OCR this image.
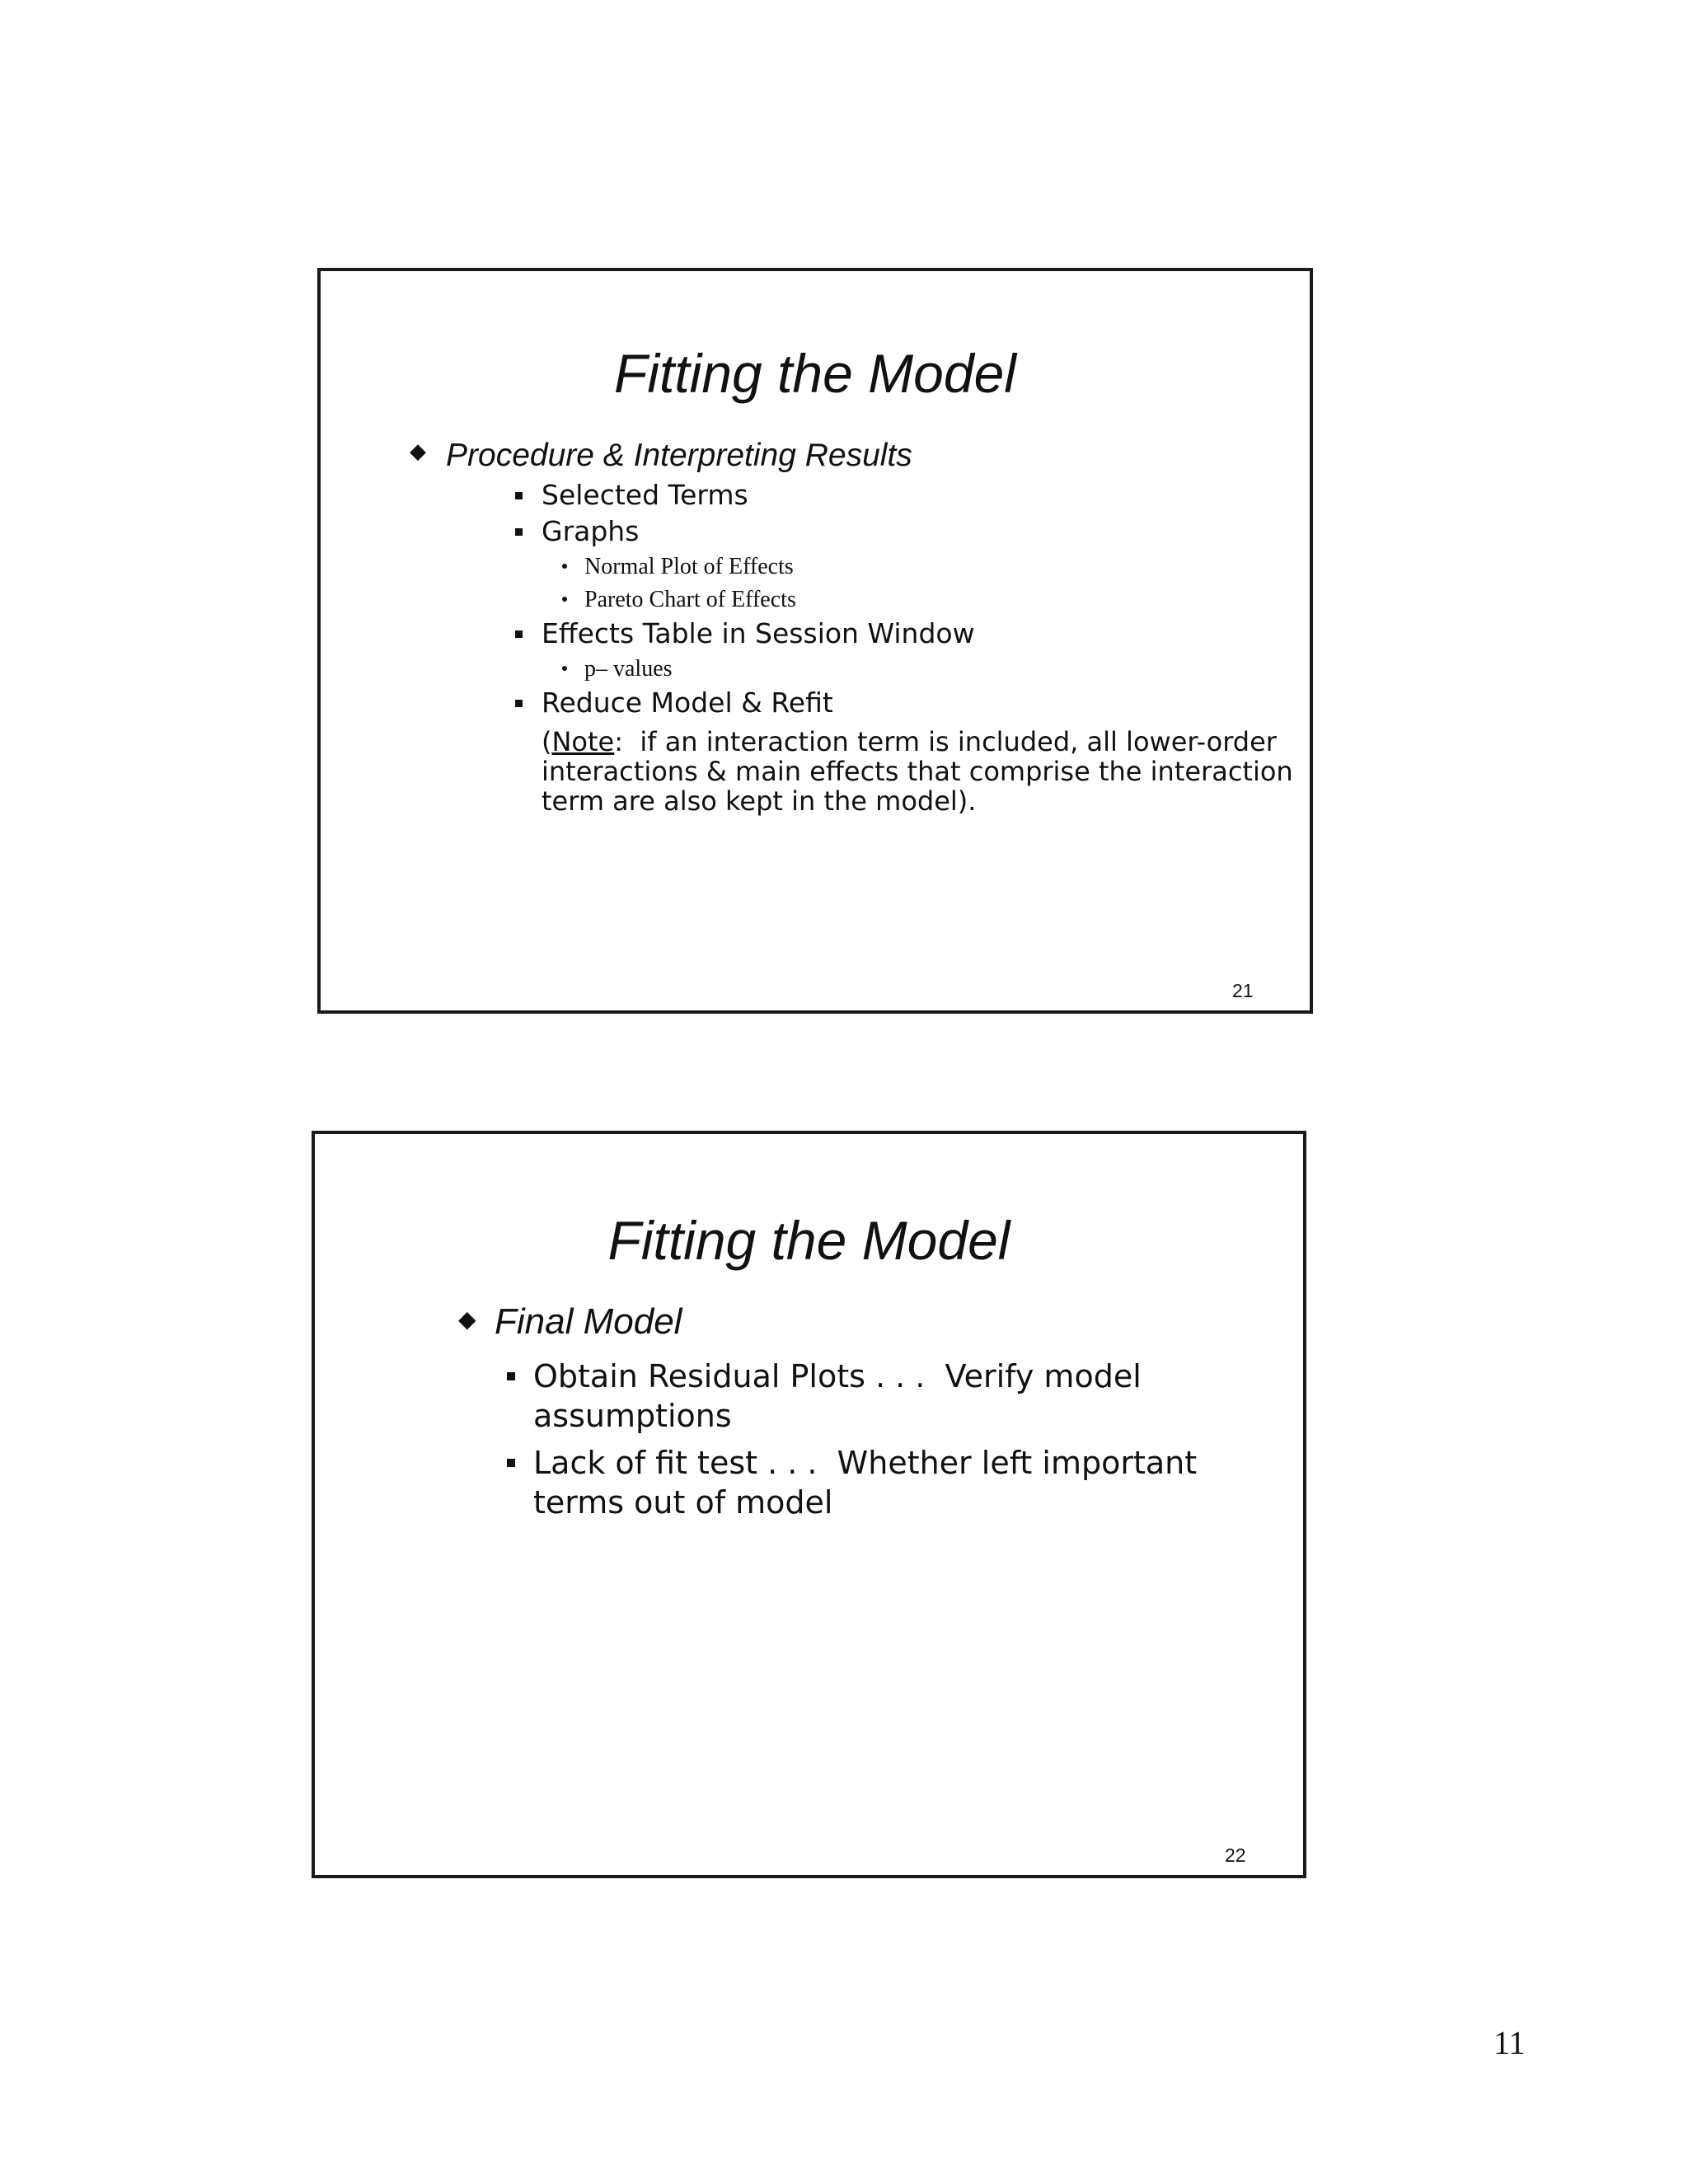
Fitting the Model
◆ Procedure & Interpreting Results
Selected Terms
Graphs
Normal Plot of Effects
Pareto Chart of Effects
Effects Table in Session Window
p– values
Reduce Model & Refit
(Note:  if an interaction term is included, all lower-order
interactions & main effects that comprise the interaction
term are also kept in the model).
21
Fitting the Model
◆ Final Model
Obtain Residual Plots . . .  Verify model
assumptions
Lack of fit test . . .  Whether left important
terms out of model
22
11
